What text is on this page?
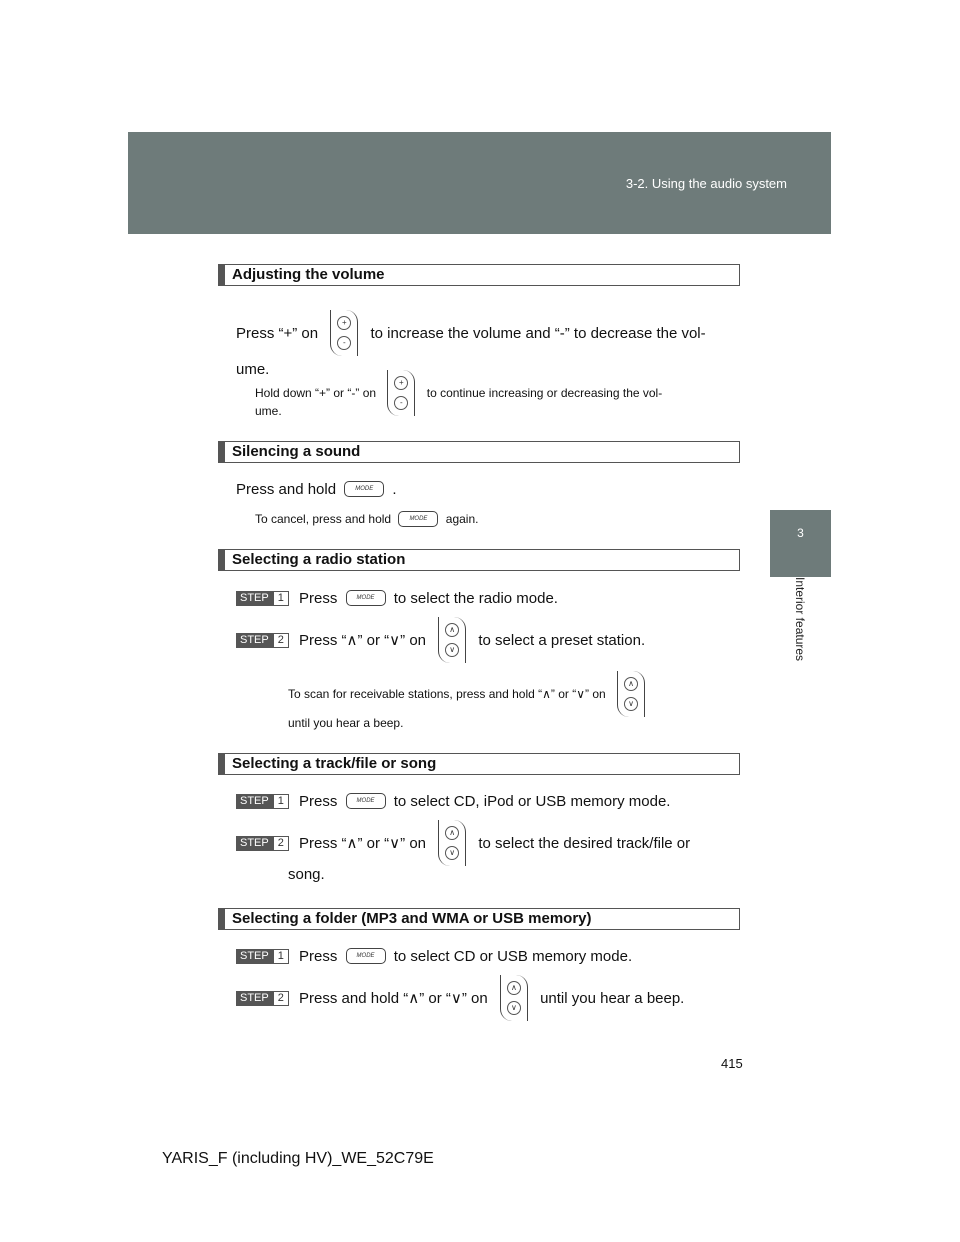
3-2. Using the audio system
3
Interior features
Adjusting the volume
Press “+” on
+
-
to increase the volume and “-” to decrease the vol-
ume.
Hold down “+” or “-” on
+
-
to continue increasing or decreasing the vol-
ume.
Silencing a sound
Press and hold	MODE .
To cancel, press and hold	MODE again.
Selecting a radio station
STEP 1 Press	MODE to select the radio mode.
STEP 2 Press “∧” or “∨” on
∧
∨
to select a preset station.
To scan for receivable stations, press and hold “∧” or “∨” on
∧
∨
until you hear a beep.
Selecting a track/file or song
STEP 1 Press	MODE to select CD, iPod or USB memory mode.
STEP 2 Press “∧” or “∨” on
∧
∨
to select the desired track/file or
song.
Selecting a folder (MP3 and WMA or USB memory)
STEP 1 Press	MODE to select CD or USB memory mode.
STEP 2 Press and hold “∧” or “∨” on
∧
∨
until you hear a beep.
415
YARIS_F (including HV)_WE_52C79E
